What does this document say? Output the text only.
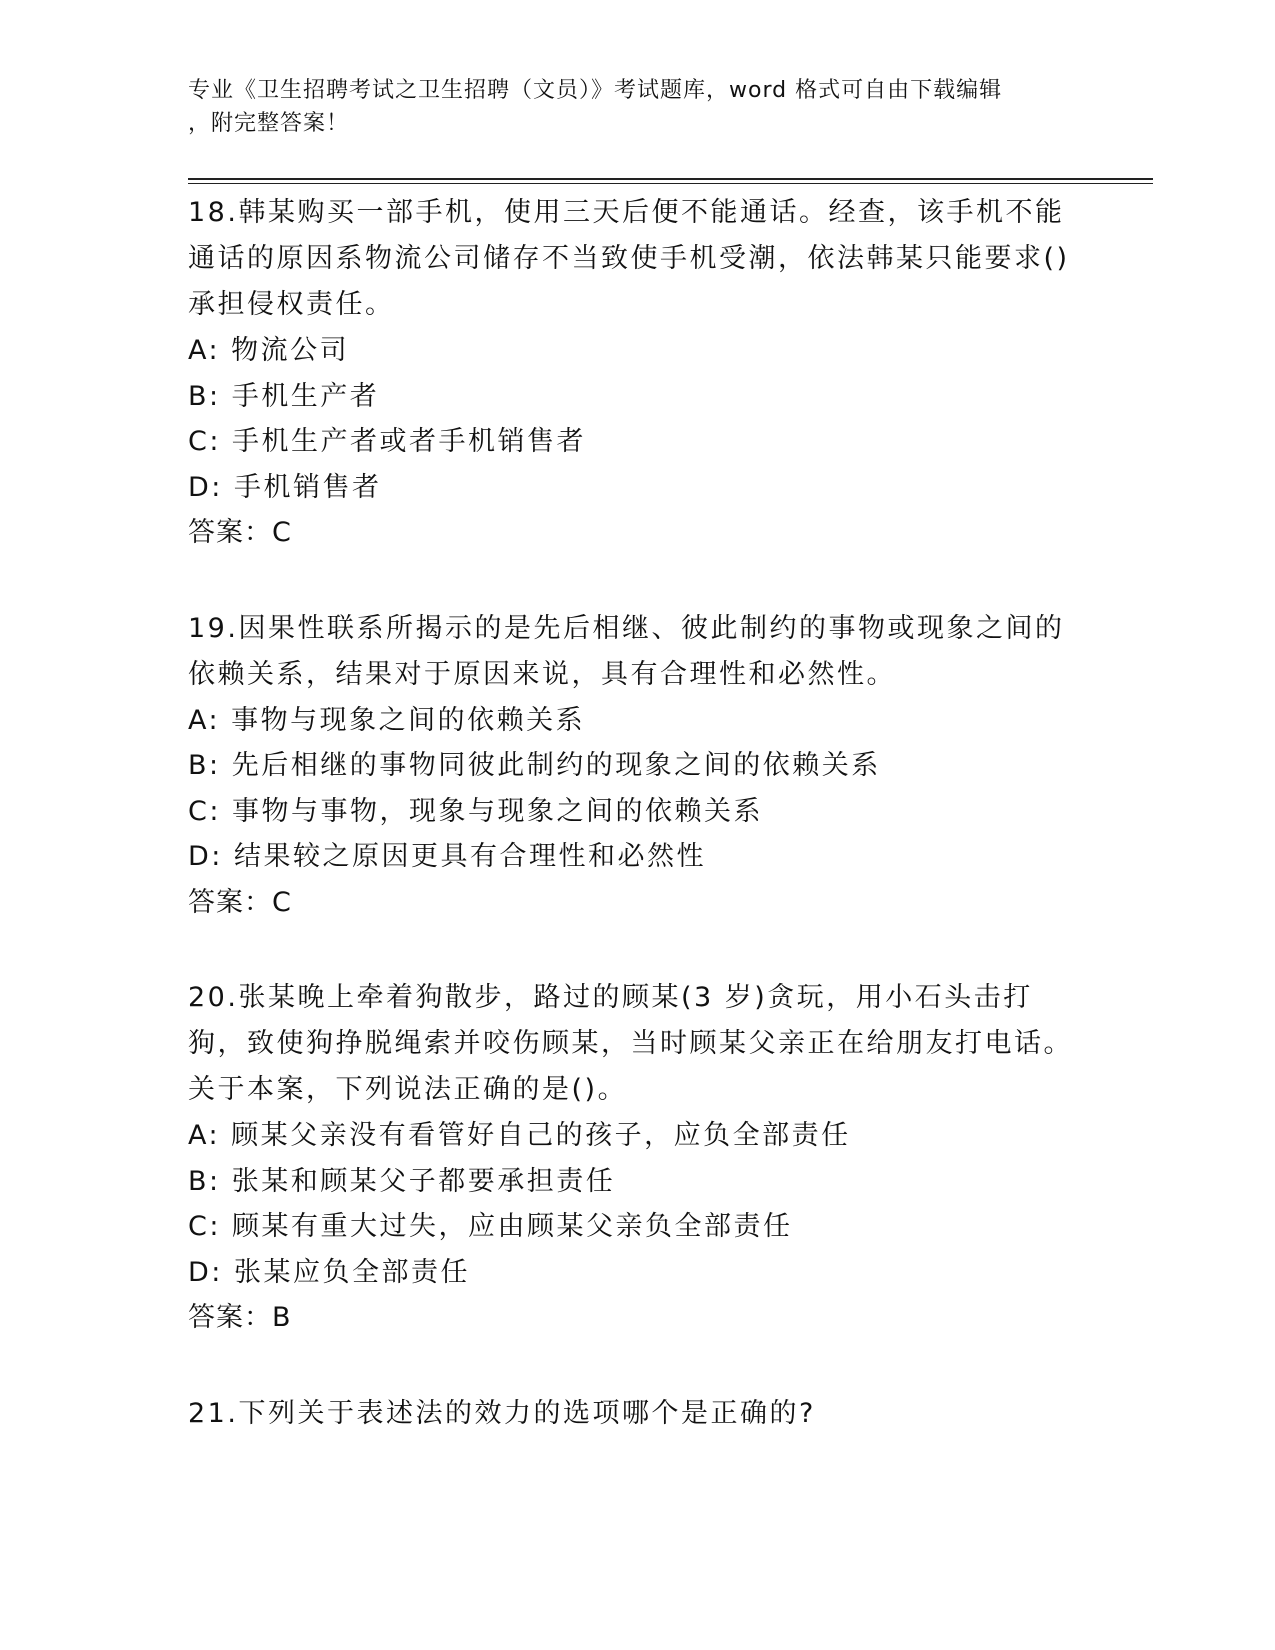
专业《卫生招聘考试之卫生招聘（文员）》考试题库，word 格式可自由下载编辑
，附完整答案！
18.韩某购买一部手机，使用三天后便不能通话。经查，该手机不能通话的原因系物流公司储存不当致使手机受潮，依法韩某只能要求()承担侵权责任。
A: 物流公司
B: 手机生产者
C: 手机生产者或者手机销售者
D: 手机销售者
答案：C
19.因果性联系所揭示的是先后相继、彼此制约的事物或现象之间的依赖关系，结果对于原因来说，具有合理性和必然性。
A: 事物与现象之间的依赖关系
B: 先后相继的事物同彼此制约的现象之间的依赖关系
C: 事物与事物，现象与现象之间的依赖关系
D: 结果较之原因更具有合理性和必然性
答案：C
20.张某晚上牵着狗散步，路过的顾某(3 岁)贪玩，用小石头击打狗，致使狗挣脱绳索并咬伤顾某，当时顾某父亲正在给朋友打电话。关于本案，下列说法正确的是()。
A: 顾某父亲没有看管好自己的孩子，应负全部责任
B: 张某和顾某父子都要承担责任
C: 顾某有重大过失，应由顾某父亲负全部责任
D: 张某应负全部责任
答案：B
21.下列关于表述法的效力的选项哪个是正确的?
